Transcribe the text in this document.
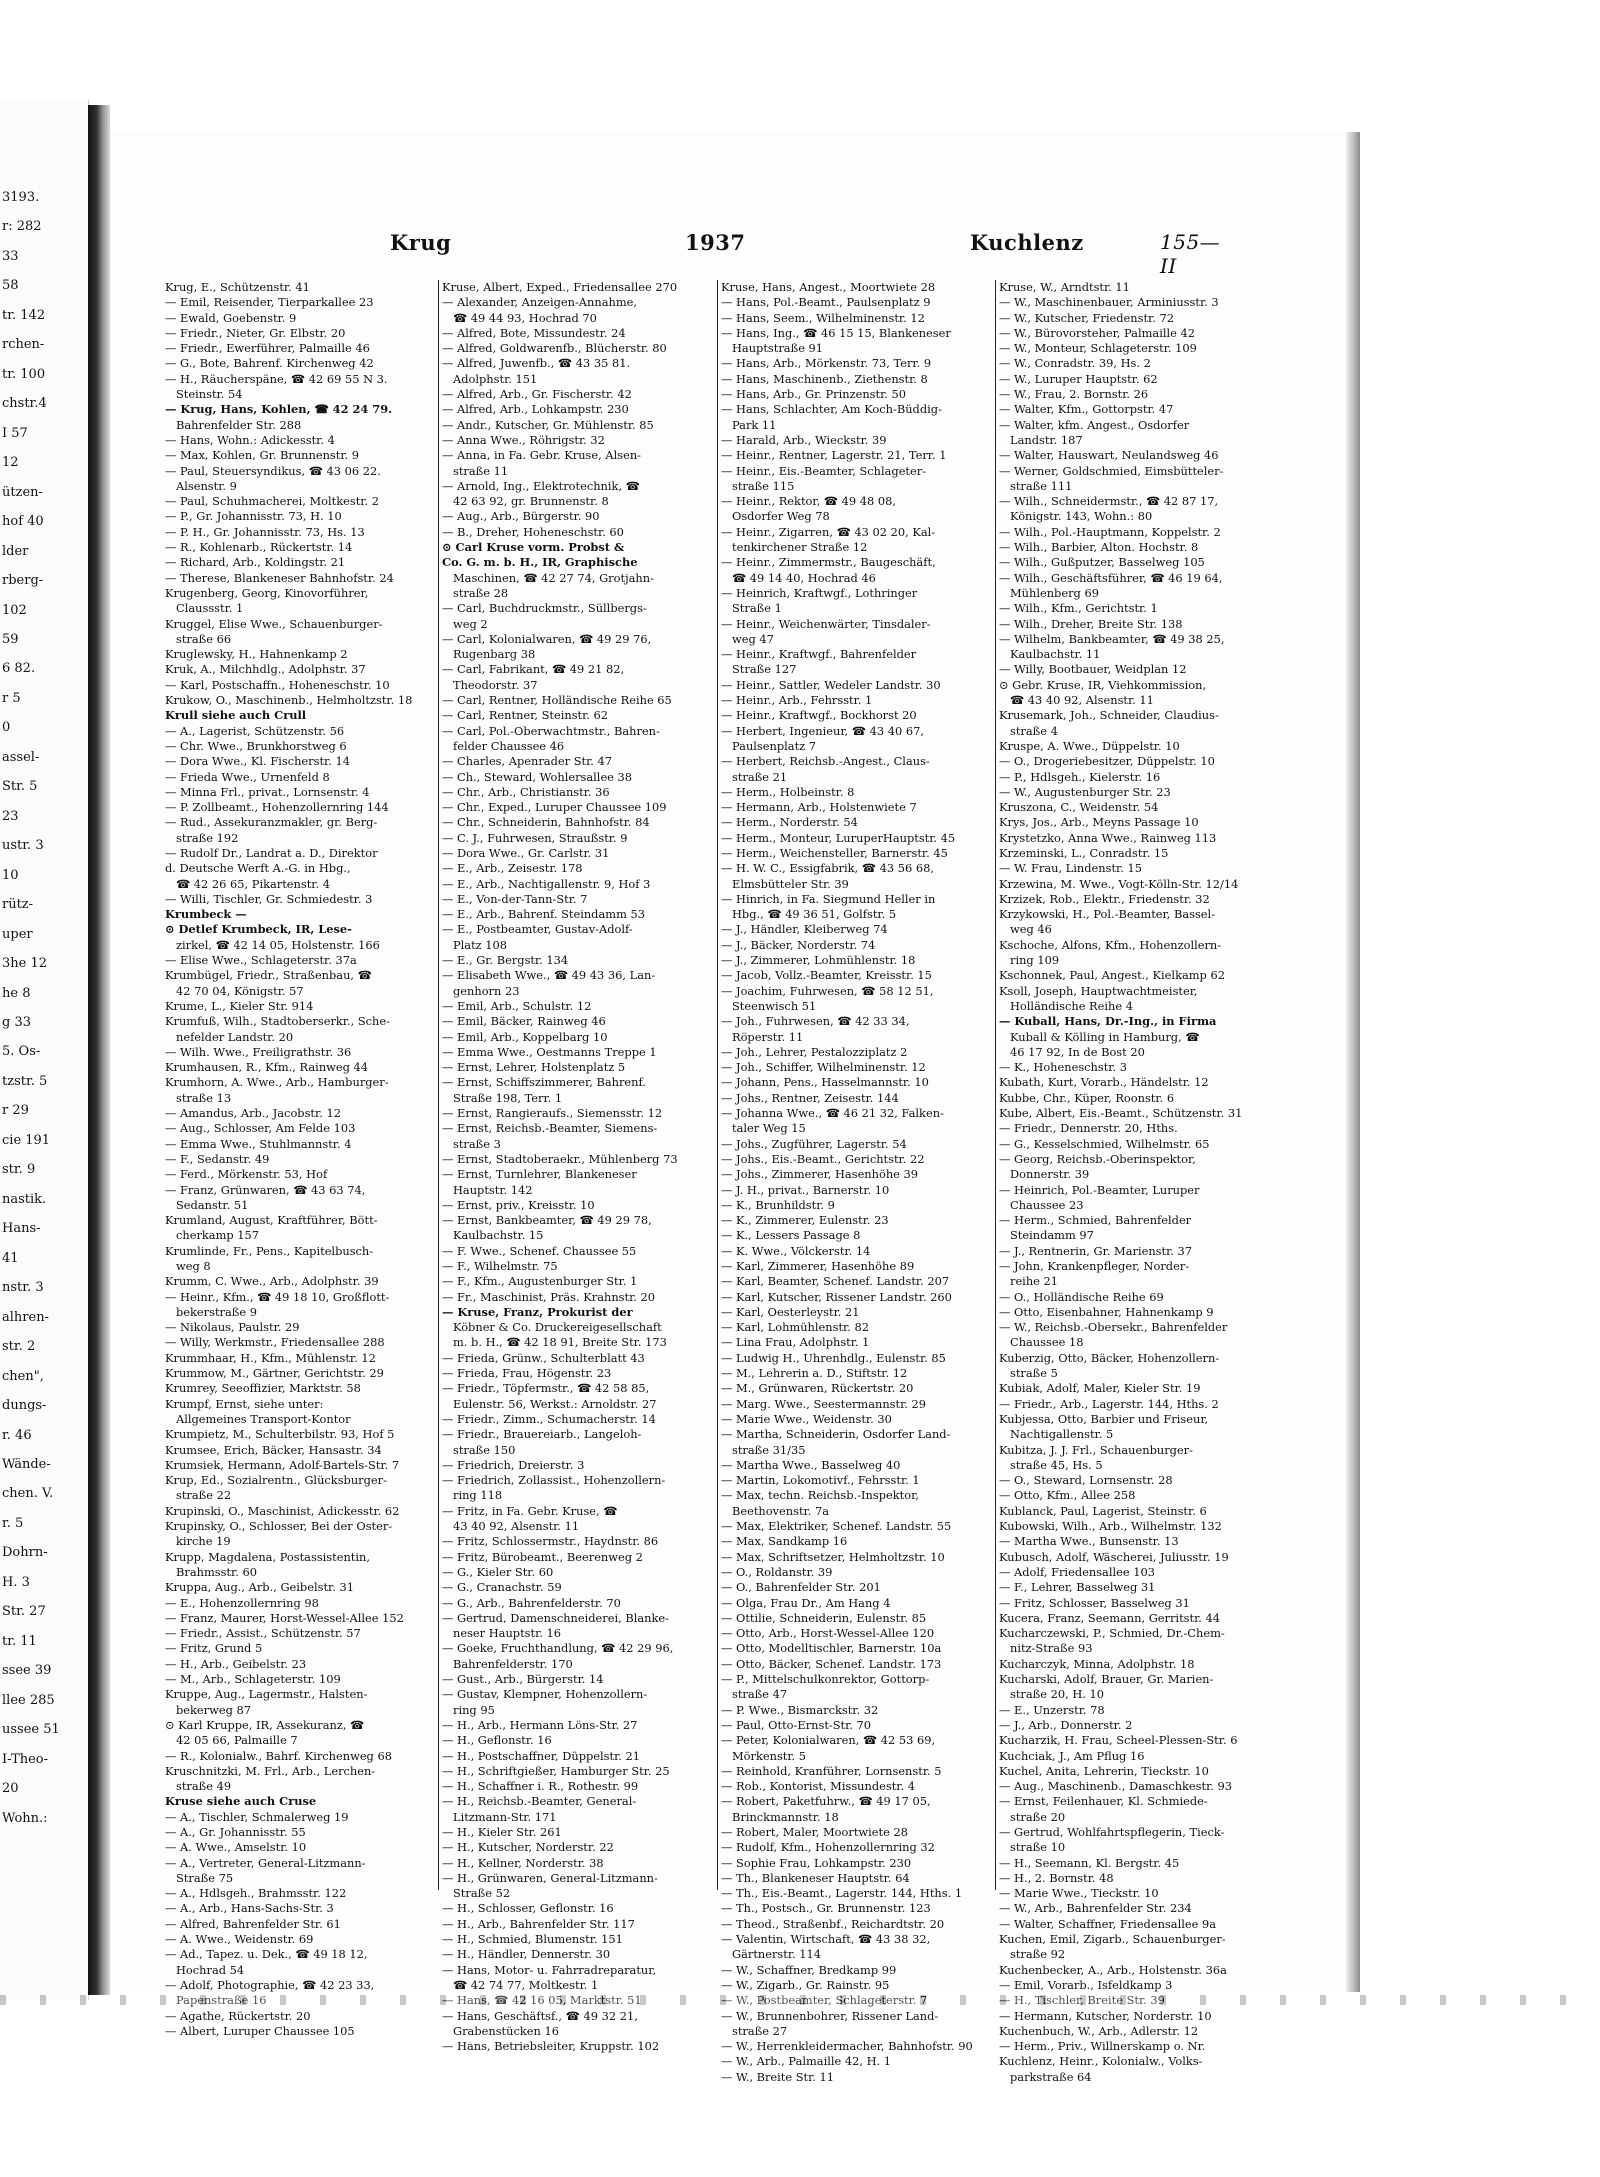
3193.
r: 282
33
58
tr. 142
rchen-
tr. 100
chstr.4
I 57
12
ützen-
hof 40
lder
rberg-
102
59
6 82.
r 5
0
assel-
Str. 5
23
ustr. 3
10
rütz-
uper
3he 12
he 8
g 33
5. Os-
tzstr. 5
r 29
cie 191
str. 9
nastik.
Hans-
41
nstr. 3
alhren-
str. 2
chen",
dungs-
r. 46
Wände-
chen. V.
r. 5
Dohrn-
H. 3
Str. 27
tr. 11
ssee 39
llee 285
ussee 51
I-Theo-
20
Wohn.:
Krug	1937	Kuchlenz	155—II
Krug, E., Schützenstr. 41
— Emil, Reisender, Tierparkallee 23
— Ewald, Goebenstr. 9
— Friedr., Nieter, Gr. Elbstr. 20
— Friedr., Ewerführer, Palmaille 46
— G., Bote, Bahrenf. Kirchenweg 42
— H., Räucherspäne, ☎ 42 69 55 N 3.
Steinstr. 54
— Krug, Hans, Kohlen, ☎ 42 24 79.
Bahrenfelder Str. 288
— Hans, Wohn.: Adickesstr. 4
— Max, Kohlen, Gr. Brunnenstr. 9
— Paul, Steuersyndikus, ☎ 43 06 22.
Alsenstr. 9
— Paul, Schuhmacherei, Moltkestr. 2
— P., Gr. Johannisstr. 73, H. 10
— P. H., Gr. Johannisstr. 73, Hs. 13
— R., Kohlenarb., Rückertstr. 14
— Richard, Arb., Koldingstr. 21
— Therese, Blankeneser Bahnhofstr. 24
Krugenberg, Georg, Kinovorführer,
Claussstr. 1
Kruggel, Elise Wwe., Schauenburger-
straße 66
Kruglewsky, H., Hahnenkamp 2
Kruk, A., Milchhdlg., Adolphstr. 37
— Karl, Postschaffn., Hoheneschstr. 10
Krukow, O., Maschinenb., Helmholtzstr. 18
Krull siehe auch Crull
— A., Lagerist, Schützenstr. 56
— Chr. Wwe., Brunkhorstweg 6
— Dora Wwe., Kl. Fischerstr. 14
— Frieda Wwe., Urnenfeld 8
— Minna Frl., privat., Lornsenstr. 4
— P. Zollbeamt., Hohenzollernring 144
— Rud., Assekuranzmakler, gr. Berg-
straße 192
— Rudolf Dr., Landrat a. D., Direktor
d. Deutsche Werft A.-G. in Hbg.,
☎ 42 26 65, Pikartenstr. 4
— Willi, Tischler, Gr. Schmiedestr. 3
Krumbeck —
⊙ Detlef Krumbeck, IR, Lese-
zirkel, ☎ 42 14 05, Holstenstr. 166
— Elise Wwe., Schlageterstr. 37a
Krumbügel, Friedr., Straßenbau, ☎
42 70 04, Königstr. 57
Krume, L., Kieler Str. 914
Krumfuß, Wilh., Stadtoberserkr., Sche-
nefelder Landstr. 20
— Wilh. Wwe., Freiligrathstr. 36
Krumhausen, R., Kfm., Rainweg 44
Krumhorn, A. Wwe., Arb., Hamburger-
straße 13
— Amandus, Arb., Jacobstr. 12
— Aug., Schlosser, Am Felde 103
— Emma Wwe., Stuhlmannstr. 4
— F., Sedanstr. 49
— Ferd., Mörkenstr. 53, Hof
— Franz, Grünwaren, ☎ 43 63 74,
Sedanstr. 51
Krumland, August, Kraftführer, Bött-
cherkamp 157
Krumlinde, Fr., Pens., Kapitelbusch-
weg 8
Krumm, C. Wwe., Arb., Adolphstr. 39
— Heinr., Kfm., ☎ 49 18 10, Großflott-
bekerstraße 9
— Nikolaus, Paulstr. 29
— Willy, Werkmstr., Friedensallee 288
Krummhaar, H., Kfm., Mühlenstr. 12
Krummow, M., Gärtner, Gerichtstr. 29
Krumrey, Seeoffizier, Marktstr. 58
Krumpf, Ernst, siehe unter:
Allgemeines Transport-Kontor
Krumpietz, M., Schulterbilstr. 93, Hof 5
Krumsee, Erich, Bäcker, Hansastr. 34
Krumsiek, Hermann, Adolf-Bartels-Str. 7
Krup, Ed., Sozialrentn., Glücksburger-
straße 22
Krupinski, O., Maschinist, Adickesstr. 62
Krupinsky, O., Schlosser, Bei der Oster-
kirche 19
Krupp, Magdalena, Postassistentin,
Brahmsstr. 60
Kruppa, Aug., Arb., Geibelstr. 31
— E., Hohenzollernring 98
— Franz, Maurer, Horst-Wessel-Allee 152
— Friedr., Assist., Schützenstr. 57
— Fritz, Grund 5
— H., Arb., Geibelstr. 23
— M., Arb., Schlageterstr. 109
Kruppe, Aug., Lagermstr., Halsten-
bekerweg 87
⊙ Karl Kruppe, IR, Assekuranz, ☎
42 05 66, Palmaille 7
— R., Kolonialw., Bahrf. Kirchenweg 68
Kruschnitzki, M. Frl., Arb., Lerchen-
straße 49
Kruse siehe auch Cruse
— A., Tischler, Schmalerweg 19
— A., Gr. Johannisstr. 55
— A. Wwe., Amselstr. 10
— A., Vertreter, General-Litzmann-
Straße 75
— A., Hdlsgeh., Brahmsstr. 122
— A., Arb., Hans-Sachs-Str. 3
— Alfred, Bahrenfelder Str. 61
— A. Wwe., Weidenstr. 69
— Ad., Tapez. u. Dek., ☎ 49 18 12,
Hochrad 54
— Adolf, Photographie, ☎ 42 23 33,
Papenstraße 16
— Agathe, Rückertstr. 20
— Albert, Luruper Chaussee 105
Kruse, Albert, Exped., Friedensallee 270
— Alexander, Anzeigen-Annahme,
☎ 49 44 93, Hochrad 70
— Alfred, Bote, Missundestr. 24
— Alfred, Goldwarenfb., Blücherstr. 80
— Alfred, Juwenfb., ☎ 43 35 81.
Adolphstr. 151
— Alfred, Arb., Gr. Fischerstr. 42
— Alfred, Arb., Lohkampstr. 230
— Andr., Kutscher, Gr. Mühlenstr. 85
— Anna Wwe., Röhrigstr. 32
— Anna, in Fa. Gebr. Kruse, Alsen-
straße 11
— Arnold, Ing., Elektrotechnik, ☎
42 63 92, gr. Brunnenstr. 8
— Aug., Arb., Bürgerstr. 90
— B., Dreher, Hoheneschstr. 60
⊙ Carl Kruse vorm. Probst &
Co. G. m. b. H., IR, Graphische
Maschinen, ☎ 42 27 74, Grotjahn-
straße 28
— Carl, Buchdruckmstr., Süllbergs-
weg 2
— Carl, Kolonialwaren, ☎ 49 29 76,
Rugenbarg 38
— Carl, Fabrikant, ☎ 49 21 82,
Theodorstr. 37
— Carl, Rentner, Holländische Reihe 65
— Carl, Rentner, Steinstr. 62
— Carl, Pol.-Oberwachtmstr., Bahren-
felder Chaussee 46
— Charles, Apenrader Str. 47
— Ch., Steward, Wohlersallee 38
— Chr., Arb., Christianstr. 36
— Chr., Exped., Luruper Chaussee 109
— Chr., Schneiderin, Bahnhofstr. 84
— C. J., Fuhrwesen, Straußstr. 9
— Dora Wwe., Gr. Carlstr. 31
— E., Arb., Zeisestr. 178
— E., Arb., Nachtigallenstr. 9, Hof 3
— E., Von-der-Tann-Str. 7
— E., Arb., Bahrenf. Steindamm 53
— E., Postbeamter, Gustav-Adolf-
Platz 108
— E., Gr. Bergstr. 134
— Elisabeth Wwe., ☎ 49 43 36, Lan-
genhorn 23
— Emil, Arb., Schulstr. 12
— Emil, Bäcker, Rainweg 46
— Emil, Arb., Koppelbarg 10
— Emma Wwe., Oestmanns Treppe 1
— Ernst, Lehrer, Holstenplatz 5
— Ernst, Schiffszimmerer, Bahrenf.
Straße 198, Terr. 1
— Ernst, Rangieraufs., Siemensstr. 12
— Ernst, Reichsb.-Beamter, Siemens-
straße 3
— Ernst, Stadtoberaekr., Mühlenberg 73
— Ernst, Turnlehrer, Blankeneser
Hauptstr. 142
— Ernst, priv., Kreisstr. 10
— Ernst, Bankbeamter, ☎ 49 29 78,
Kaulbachstr. 15
— F. Wwe., Schenef. Chaussee 55
— F., Wilhelmstr. 75
— F., Kfm., Augustenburger Str. 1
— Fr., Maschinist, Präs. Krahnstr. 20
— Kruse, Franz, Prokurist der
Köbner & Co. Druckereigesellschaft
m. b. H., ☎ 42 18 91, Breite Str. 173
— Frieda, Grünw., Schulterblatt 43
— Frieda, Frau, Högenstr. 23
— Friedr., Töpfermstr., ☎ 42 58 85,
Eulenstr. 56, Werkst.: Arnoldstr. 27
— Friedr., Zimm., Schumacherstr. 14
— Friedr., Brauereiarb., Langeloh-
straße 150
— Friedrich, Dreierstr. 3
— Friedrich, Zollassist., Hohenzollern-
ring 118
— Fritz, in Fa. Gebr. Kruse, ☎
43 40 92, Alsenstr. 11
— Fritz, Schlossermstr., Haydnstr. 86
— Fritz, Bürobeamt., Beerenweg 2
— G., Kieler Str. 60
— G., Cranachstr. 59
— G., Arb., Bahrenfelderstr. 70
— Gertrud, Damenschneiderei, Blanke-
neser Hauptstr. 16
— Goeke, Fruchthandlung, ☎ 42 29 96,
Bahrenfelderstr. 170
— Gust., Arb., Bürgerstr. 14
— Gustav, Klempner, Hohenzollern-
ring 95
— H., Arb., Hermann Löns-Str. 27
— H., Geflonstr. 16
— H., Postschaffner, Düppelstr. 21
— H., Schriftgießer, Hamburger Str. 25
— H., Schaffner i. R., Rothestr. 99
— H., Reichsb.-Beamter, General-
Litzmann-Str. 171
— H., Kieler Str. 261
— H., Kutscher, Norderstr. 22
— H., Kellner, Norderstr. 38
— H., Grünwaren, General-Litzmann-
Straße 52
— H., Schlosser, Geflonstr. 16
— H., Arb., Bahrenfelder Str. 117
— H., Schmied, Blumenstr. 151
— H., Händler, Dennerstr. 30
— Hans, Motor- u. Fahrradreparatur,
☎ 42 74 77, Moltkestr. 1
— Hans, ☎ 42 16 05, Marktstr. 51
— Hans, Geschäftsf., ☎ 49 32 21,
Grabenstücken 16
— Hans, Betriebsleiter, Kruppstr. 102
Kruse, Hans, Angest., Moortwiete 28
— Hans, Pol.-Beamt., Paulsenplatz 9
— Hans, Seem., Wilhelminenstr. 12
— Hans, Ing., ☎ 46 15 15, Blankeneser
Hauptstraße 91
— Hans, Arb., Mörkenstr. 73, Terr. 9
— Hans, Maschinenb., Ziethenstr. 8
— Hans, Arb., Gr. Prinzenstr. 50
— Hans, Schlachter, Am Koch-Büddig-
Park 11
— Harald, Arb., Wieckstr. 39
— Heinr., Rentner, Lagerstr. 21, Terr. 1
— Heinr., Eis.-Beamter, Schlageter-
straße 115
— Heinr., Rektor, ☎ 49 48 08,
Osdorfer Weg 78
— Heinr., Zigarren, ☎ 43 02 20, Kal-
tenkirchener Straße 12
— Heinr., Zimmermstr., Baugeschäft,
☎ 49 14 40, Hochrad 46
— Heinrich, Kraftwgf., Lothringer
Straße 1
— Heinr., Weichenwärter, Tinsdaler-
weg 47
— Heinr., Kraftwgf., Bahrenfelder
Straße 127
— Heinr., Sattler, Wedeler Landstr. 30
— Heinr., Arb., Fehrsstr. 1
— Heinr., Kraftwgf., Bockhorst 20
— Herbert, Ingenieur, ☎ 43 40 67,
Paulsenplatz 7
— Herbert, Reichsb.-Angest., Claus-
straße 21
— Herm., Holbeinstr. 8
— Hermann, Arb., Holstenwiete 7
— Herm., Norderstr. 54
— Herm., Monteur, LuruperHauptstr. 45
— Herm., Weichensteller, Barnerstr. 45
— H. W. C., Essigfabrik, ☎ 43 56 68,
Elmsbütteler Str. 39
— Hinrich, in Fa. Siegmund Heller in
Hbg., ☎ 49 36 51, Golfstr. 5
— J., Händler, Kleiberweg 74
— J., Bäcker, Norderstr. 74
— J., Zimmerer, Lohmühlenstr. 18
— Jacob, Vollz.-Beamter, Kreisstr. 15
— Joachim, Fuhrwesen, ☎ 58 12 51,
Steenwisch 51
— Joh., Fuhrwesen, ☎ 42 33 34,
Röperstr. 11
— Joh., Lehrer, Pestalozziplatz 2
— Joh., Schiffer, Wilhelminenstr. 12
— Johann, Pens., Hasselmannstr. 10
— Johs., Rentner, Zeisestr. 144
— Johanna Wwe., ☎ 46 21 32, Falken-
taler Weg 15
— Johs., Zugführer, Lagerstr. 54
— Johs., Eis.-Beamt., Gerichtstr. 22
— Johs., Zimmerer, Hasenhöhe 39
— J. H., privat., Barnerstr. 10
— K., Brunhildstr. 9
— K., Zimmerer, Eulenstr. 23
— K., Lessers Passage 8
— K. Wwe., Völckerstr. 14
— Karl, Zimmerer, Hasenhöhe 89
— Karl, Beamter, Schenef. Landstr. 207
— Karl, Kutscher, Rissener Landstr. 260
— Karl, Oesterleystr. 21
— Karl, Lohmühlenstr. 82
— Lina Frau, Adolphstr. 1
— Ludwig H., Uhrenhdlg., Eulenstr. 85
— M., Lehrerin a. D., Stiftstr. 12
— M., Grünwaren, Rückertstr. 20
— Marg. Wwe., Seestermannstr. 29
— Marie Wwe., Weidenstr. 30
— Martha, Schneiderin, Osdorfer Land-
straße 31/35
— Martha Wwe., Basselweg 40
— Martin, Lokomotivf., Fehrsstr. 1
— Max, techn. Reichsb.-Inspektor,
Beethovenstr. 7a
— Max, Elektriker, Schenef. Landstr. 55
— Max, Sandkamp 16
— Max, Schriftsetzer, Helmholtzstr. 10
— O., Roldanstr. 39
— O., Bahrenfelder Str. 201
— Olga, Frau Dr., Am Hang 4
— Ottilie, Schneiderin, Eulenstr. 85
— Otto, Arb., Horst-Wessel-Allee 120
— Otto, Modelltischler, Barnerstr. 10a
— Otto, Bäcker, Schenef. Landstr. 173
— P., Mittelschulkonrektor, Gottorp-
straße 47
— P. Wwe., Bismarckstr. 32
— Paul, Otto-Ernst-Str. 70
— Peter, Kolonialwaren, ☎ 42 53 69,
Mörkenstr. 5
— Reinhold, Kranführer, Lornsenstr. 5
— Rob., Kontorist, Missundestr. 4
— Robert, Paketfuhrw., ☎ 49 17 05,
Brinckmannstr. 18
— Robert, Maler, Moortwiete 28
— Rudolf, Kfm., Hohenzollernring 32
— Sophie Frau, Lohkampstr. 230
— Th., Blankeneser Hauptstr. 64
— Th., Eis.-Beamt., Lagerstr. 144, Hths. 1
— Th., Postsch., Gr. Brunnenstr. 123
— Theod., Straßenbf., Reichardtstr. 20
— Valentin, Wirtschaft, ☎ 43 38 32,
Gärtnerstr. 114
— W., Schaffner, Bredkamp 99
— W., Zigarb., Gr. Rainstr. 95
— W., Postbeamter, Schlageterstr. 7
— W., Brunnenbohrer, Rissener Land-
straße 27
— W., Herrenkleidermacher, Bahnhofstr. 90
— W., Arb., Palmaille 42, H. 1
— W., Breite Str. 11
Kruse, W., Arndtstr. 11
— W., Maschinenbauer, Arminiusstr. 3
— W., Kutscher, Friedenstr. 72
— W., Bürovorsteher, Palmaille 42
— W., Monteur, Schlageterstr. 109
— W., Conradstr. 39, Hs. 2
— W., Luruper Hauptstr. 62
— W., Frau, 2. Bornstr. 26
— Walter, Kfm., Gottorpstr. 47
— Walter, kfm. Angest., Osdorfer
Landstr. 187
— Walter, Hauswart, Neulandsweg 46
— Werner, Goldschmied, Eimsbütteler-
straße 111
— Wilh., Schneidermstr., ☎ 42 87 17,
Königstr. 143, Wohn.: 80
— Wilh., Pol.-Hauptmann, Koppelstr. 2
— Wilh., Barbier, Alton. Hochstr. 8
— Wilh., Gußputzer, Basselweg 105
— Wilh., Geschäftsführer, ☎ 46 19 64,
Mühlenberg 69
— Wilh., Kfm., Gerichtstr. 1
— Wilh., Dreher, Breite Str. 138
— Wilhelm, Bankbeamter, ☎ 49 38 25,
Kaulbachstr. 11
— Willy, Bootbauer, Weidplan 12
⊙ Gebr. Kruse, IR, Viehkommission,
☎ 43 40 92, Alsenstr. 11
Krusemark, Joh., Schneider, Claudius-
straße 4
Kruspe, A. Wwe., Düppelstr. 10
— O., Drogeriebesitzer, Düppelstr. 10
— P., Hdlsgeh., Kielerstr. 16
— W., Augustenburger Str. 23
Kruszona, C., Weidenstr. 54
Krys, Jos., Arb., Meyns Passage 10
Krystetzko, Anna Wwe., Rainweg 113
Krzeminski, L., Conradstr. 15
— W. Frau, Lindenstr. 15
Krzewina, M. Wwe., Vogt-Kölln-Str. 12/14
Krzizek, Rob., Elektr., Friedenstr. 32
Krzykowski, H., Pol.-Beamter, Bassel-
weg 46
Kschoche, Alfons, Kfm., Hohenzollern-
ring 109
Kschonnek, Paul, Angest., Kielkamp 62
Ksoll, Joseph, Hauptwachtmeister,
Holländische Reihe 4
— Kuball, Hans, Dr.-Ing., in Firma
Kuball & Kölling in Hamburg, ☎
46 17 92, In de Bost 20
— K., Hoheneschstr. 3
Kubath, Kurt, Vorarb., Händelstr. 12
Kubbe, Chr., Küper, Roonstr. 6
Kube, Albert, Eis.-Beamt., Schützenstr. 31
— Friedr., Dennerstr. 20, Hths.
— G., Kesselschmied, Wilhelmstr. 65
— Georg, Reichsb.-Oberinspektor,
Donnerstr. 39
— Heinrich, Pol.-Beamter, Luruper
Chaussee 23
— Herm., Schmied, Bahrenfelder
Steindamm 97
— J., Rentnerin, Gr. Marienstr. 37
— John, Krankenpfleger, Norder-
reihe 21
— O., Holländische Reihe 69
— Otto, Eisenbahner, Hahnenkamp 9
— W., Reichsb.-Obersekr., Bahrenfelder
Chaussee 18
Kuberzig, Otto, Bäcker, Hohenzollern-
straße 5
Kubiak, Adolf, Maler, Kieler Str. 19
— Friedr., Arb., Lagerstr. 144, Hths. 2
Kubjessa, Otto, Barbier und Friseur,
Nachtigallenstr. 5
Kubitza, J. J. Frl., Schauenburger-
straße 45, Hs. 5
— O., Steward, Lornsenstr. 28
— Otto, Kfm., Allee 258
Kublanck, Paul, Lagerist, Steinstr. 6
Kubowski, Wilh., Arb., Wilhelmstr. 132
— Martha Wwe., Bunsenstr. 13
Kubusch, Adolf, Wäscherei, Juliusstr. 19
— Adolf, Friedensallee 103
— F., Lehrer, Basselweg 31
— Fritz, Schlosser, Basselweg 31
Kucera, Franz, Seemann, Gerritstr. 44
Kucharczewski, P., Schmied, Dr.-Chem-
nitz-Straße 93
Kucharczyk, Minna, Adolphstr. 18
Kucharski, Adolf, Brauer, Gr. Marien-
straße 20, H. 10
— E., Unzerstr. 78
— J., Arb., Donnerstr. 2
Kucharzik, H. Frau, Scheel-Plessen-Str. 6
Kuchciak, J., Am Pflug 16
Kuchel, Anita, Lehrerin, Tieckstr. 10
— Aug., Maschinenb., Damaschkestr. 93
— Ernst, Feilenhauer, Kl. Schmiede-
straße 20
— Gertrud, Wohlfahrtspflegerin, Tieck-
straße 10
— H., Seemann, Kl. Bergstr. 45
— H., 2. Bornstr. 48
— Marie Wwe., Tieckstr. 10
— W., Arb., Bahrenfelder Str. 234
— Walter, Schaffner, Friedensallee 9a
Kuchen, Emil, Zigarb., Schauenburger-
straße 92
Kuchenbecker, A., Arb., Holstenstr. 36a
— Emil, Vorarb., Isfeldkamp 3
— H., Tischler, Breite Str. 39
— Hermann, Kutscher, Norderstr. 10
Kuchenbuch, W., Arb., Adlerstr. 12
— Herm., Priv., Willnerskamp o. Nr.
Kuchlenz, Heinr., Kolonialw., Volks-
parkstraße 64
